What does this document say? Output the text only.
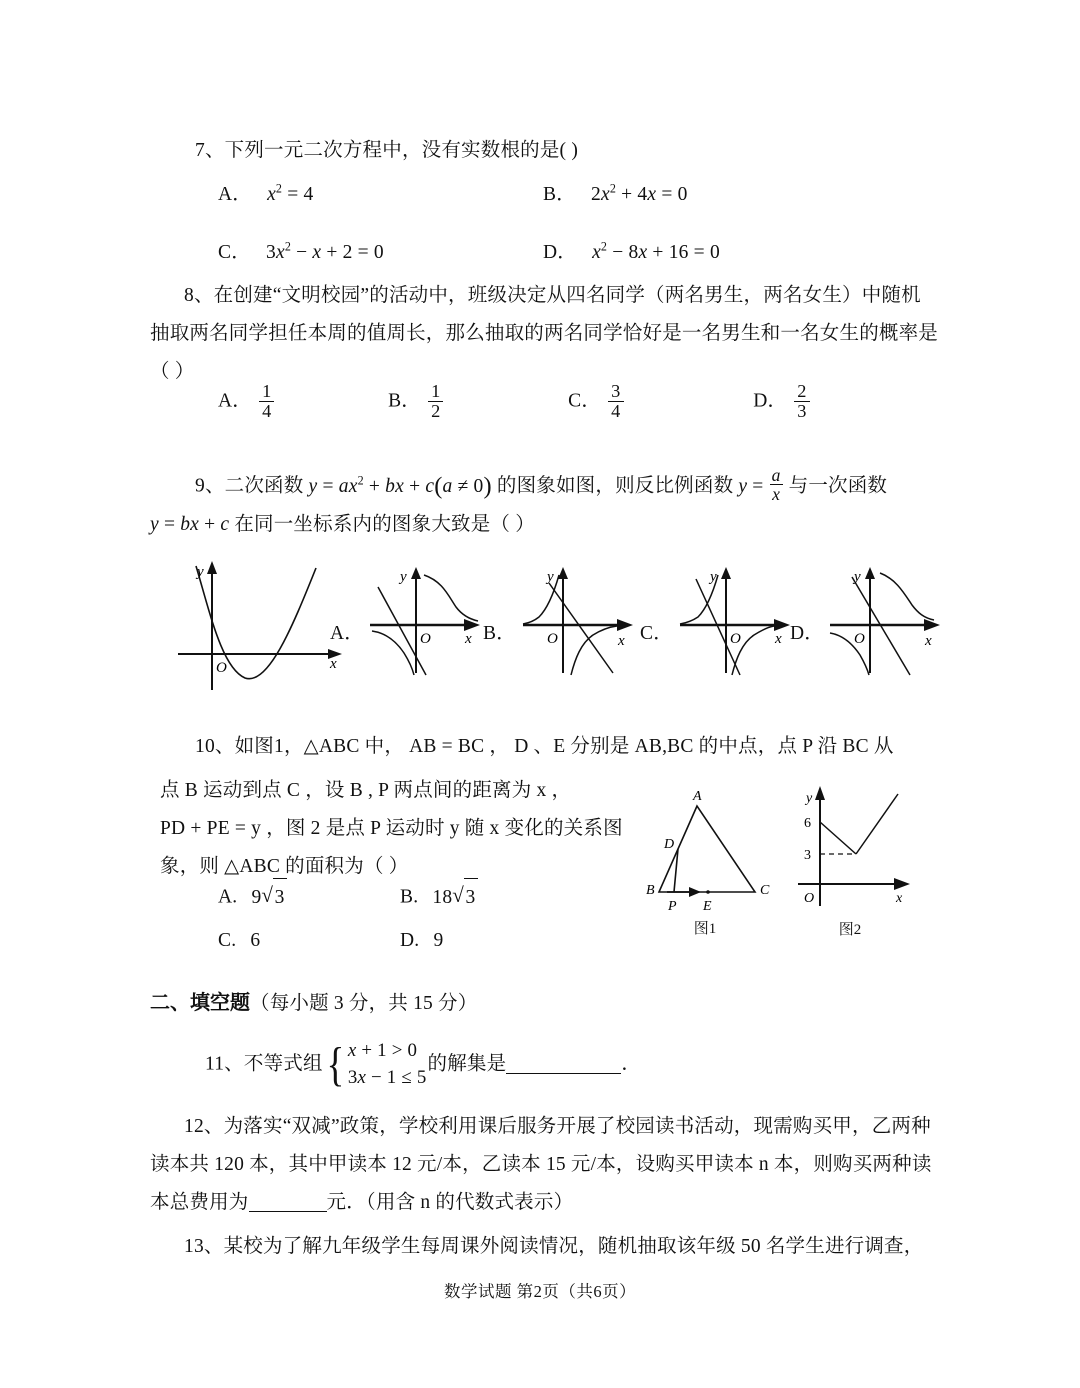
7、下列一元二次方程中，没有实数根的是( )
A． $x^2 = 4$	B． $2x^2 + 4x = 0$
C． $3x^2 - x + 2 = 0$	D． $x^2 - 8x + 16 = 0$
8、在创建“文明校园”的活动中，班级决定从四名同学（两名男生，两名女生）中随机
抽取两名同学担任本周的值周长，那么抽取的两名同学恰好是一名男生和一名女生的概率是
（ ）
A． $\frac{1}{4}$	B． $\frac{1}{2}$	C． $\frac{3}{4}$	D． $\frac{2}{3}$
9、二次函数 $y = ax^2$ + bx + c(a ≠ 0) 的图象如图，则反比例函数 $y = \frac{a}{x}$ 与一次函数
y = bx + c 在同一坐标系内的图象大致是（ ）
O	x
y
A．	O x
y
B． O	x
y
C．	O x
y
D． O	x
y
10、如图1，△ABC 中， AB = BC ， D 、E 分别是 AB,BC 的中点，点 P 沿 BC 从
点 B 运动到点 C ，设 B , P 两点间的距离为 x ，
PD + PE = y ，图 2 是点 P 运动时 y 随 x 变化的关系图
象，则 △ABC 的面积为（ ）
A. 9 √ 3	B. 18 √ 3
C. 6	D. 9
A
B	C
D
P E
图1
6
3
O	x
y
图2
二、填空题（每小题 3 分，共 15 分）
11、不等式组 { x + 1 > 0
3x − 1 ≤ 5
的解集是	．
12、为落实“双减”政策，学校利用课后服务开展了校园读书活动，现需购买甲，乙两种
读本共 120 本，其中甲读本 12 元/本，乙读本 15 元/本，设购买甲读本 n 本，则购买两种读
本总费用为	元．（用含 n 的代数式表示）
13、某校为了解九年级学生每周课外阅读情况，随机抽取该年级 50 名学生进行调查，
数学试题 第2页（共6页）
